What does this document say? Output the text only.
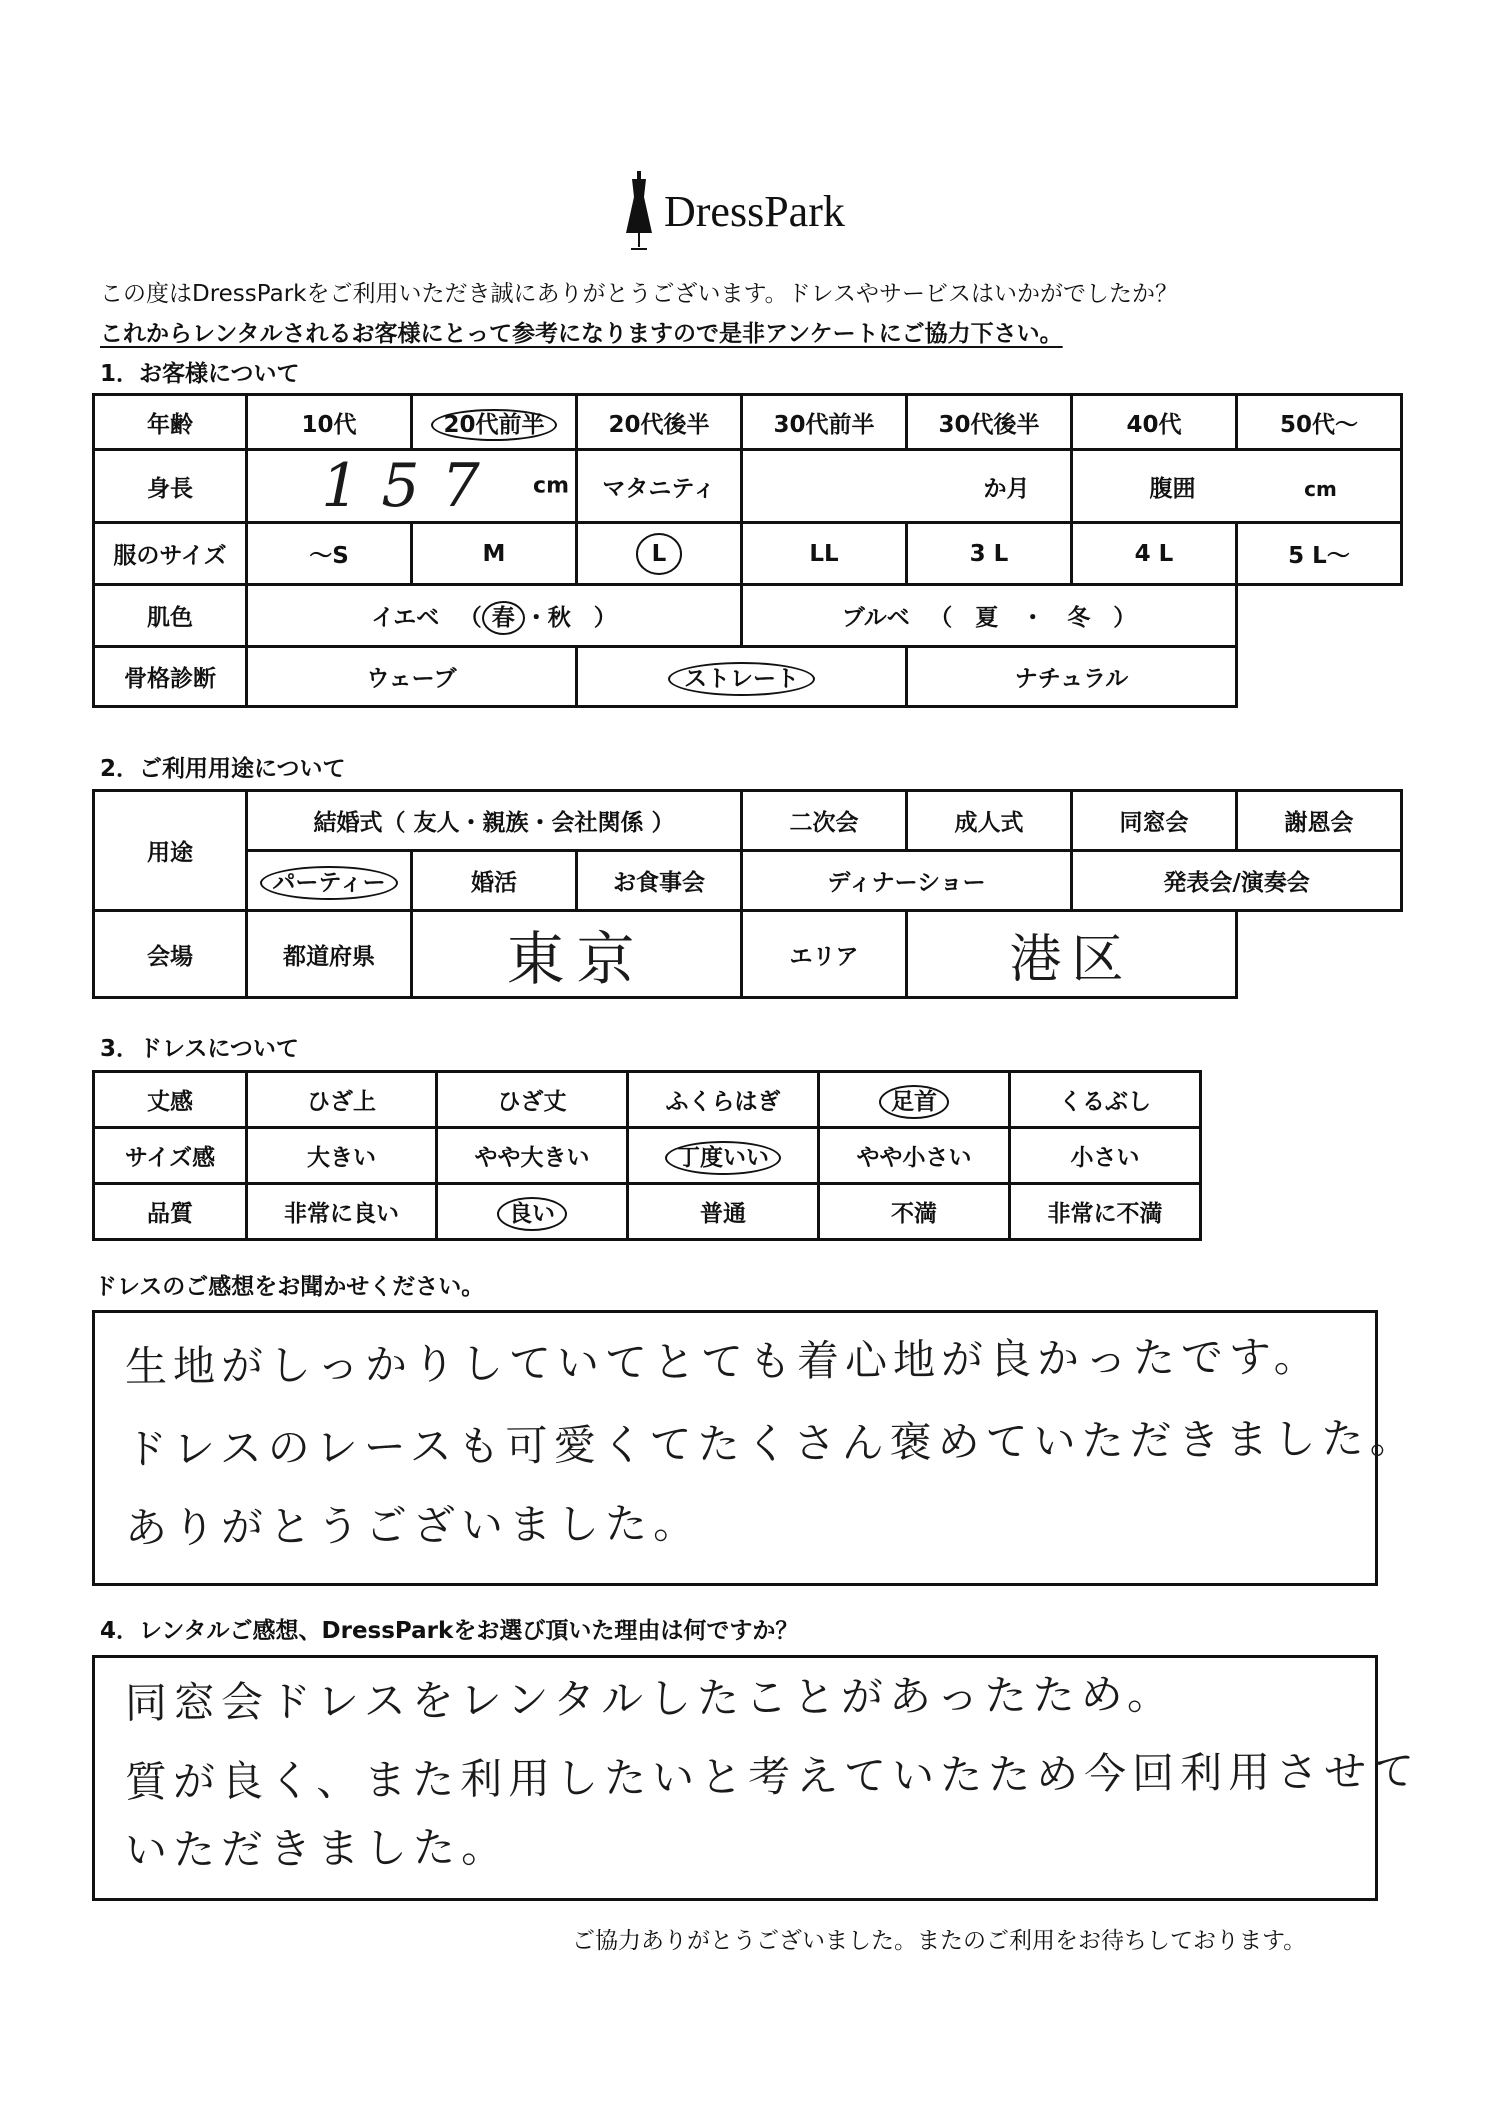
DressPark
この度はDressParkをご利用いただき誠にありがとうございます。ドレスやサービスはいかがでしたか？
これからレンタルされるお客様にとって参考になりますので是非アンケートにご協力下さい。
1．お客様について
年齢	10代	20代前半	20代後半	30代前半	30代後半	40代	50代～
身長	157 cm		マタニティ	か月		腹囲 cm	
服のサイズ	～S	M	L	LL	3 L	4 L	5 L～
肌色	イエベ 　（ 春 ・秋　）			ブルベ 　（　夏　・　冬　）			
骨格診断	ウェーブ		ストレート		ナチュラル		
2．ご利用用途について
用途	結婚式（ 友人・親族・会社関係 ）			二次会	成人式	同窓会	謝恩会
	パーティー	婚活	お食事会	ディナーショー		発表会/演奏会	
会場	都道府県	東京		エリア	港区		
3．ドレスについて
丈感	ひざ上	ひざ丈	ふくらはぎ	足首	くるぶし
サイズ感	大きい	やや大きい	丁度いい	やや小さい	小さい
品質	非常に良い	良い	普通	不満	非常に不満
ドレスのご感想をお聞かせください。
生地がしっかりしていてとても着心地が良かったです。
ドレスのレースも可愛くてたくさん褒めていただきました。
ありがとうございました。
4．レンタルご感想、DressParkをお選び頂いた理由は何ですか？
同窓会ドレスをレンタルしたことがあったため。
質が良く、また利用したいと考えていたため今回利用させて
いただきました。
ご協力ありがとうございました。またのご利用をお待ちしております。
